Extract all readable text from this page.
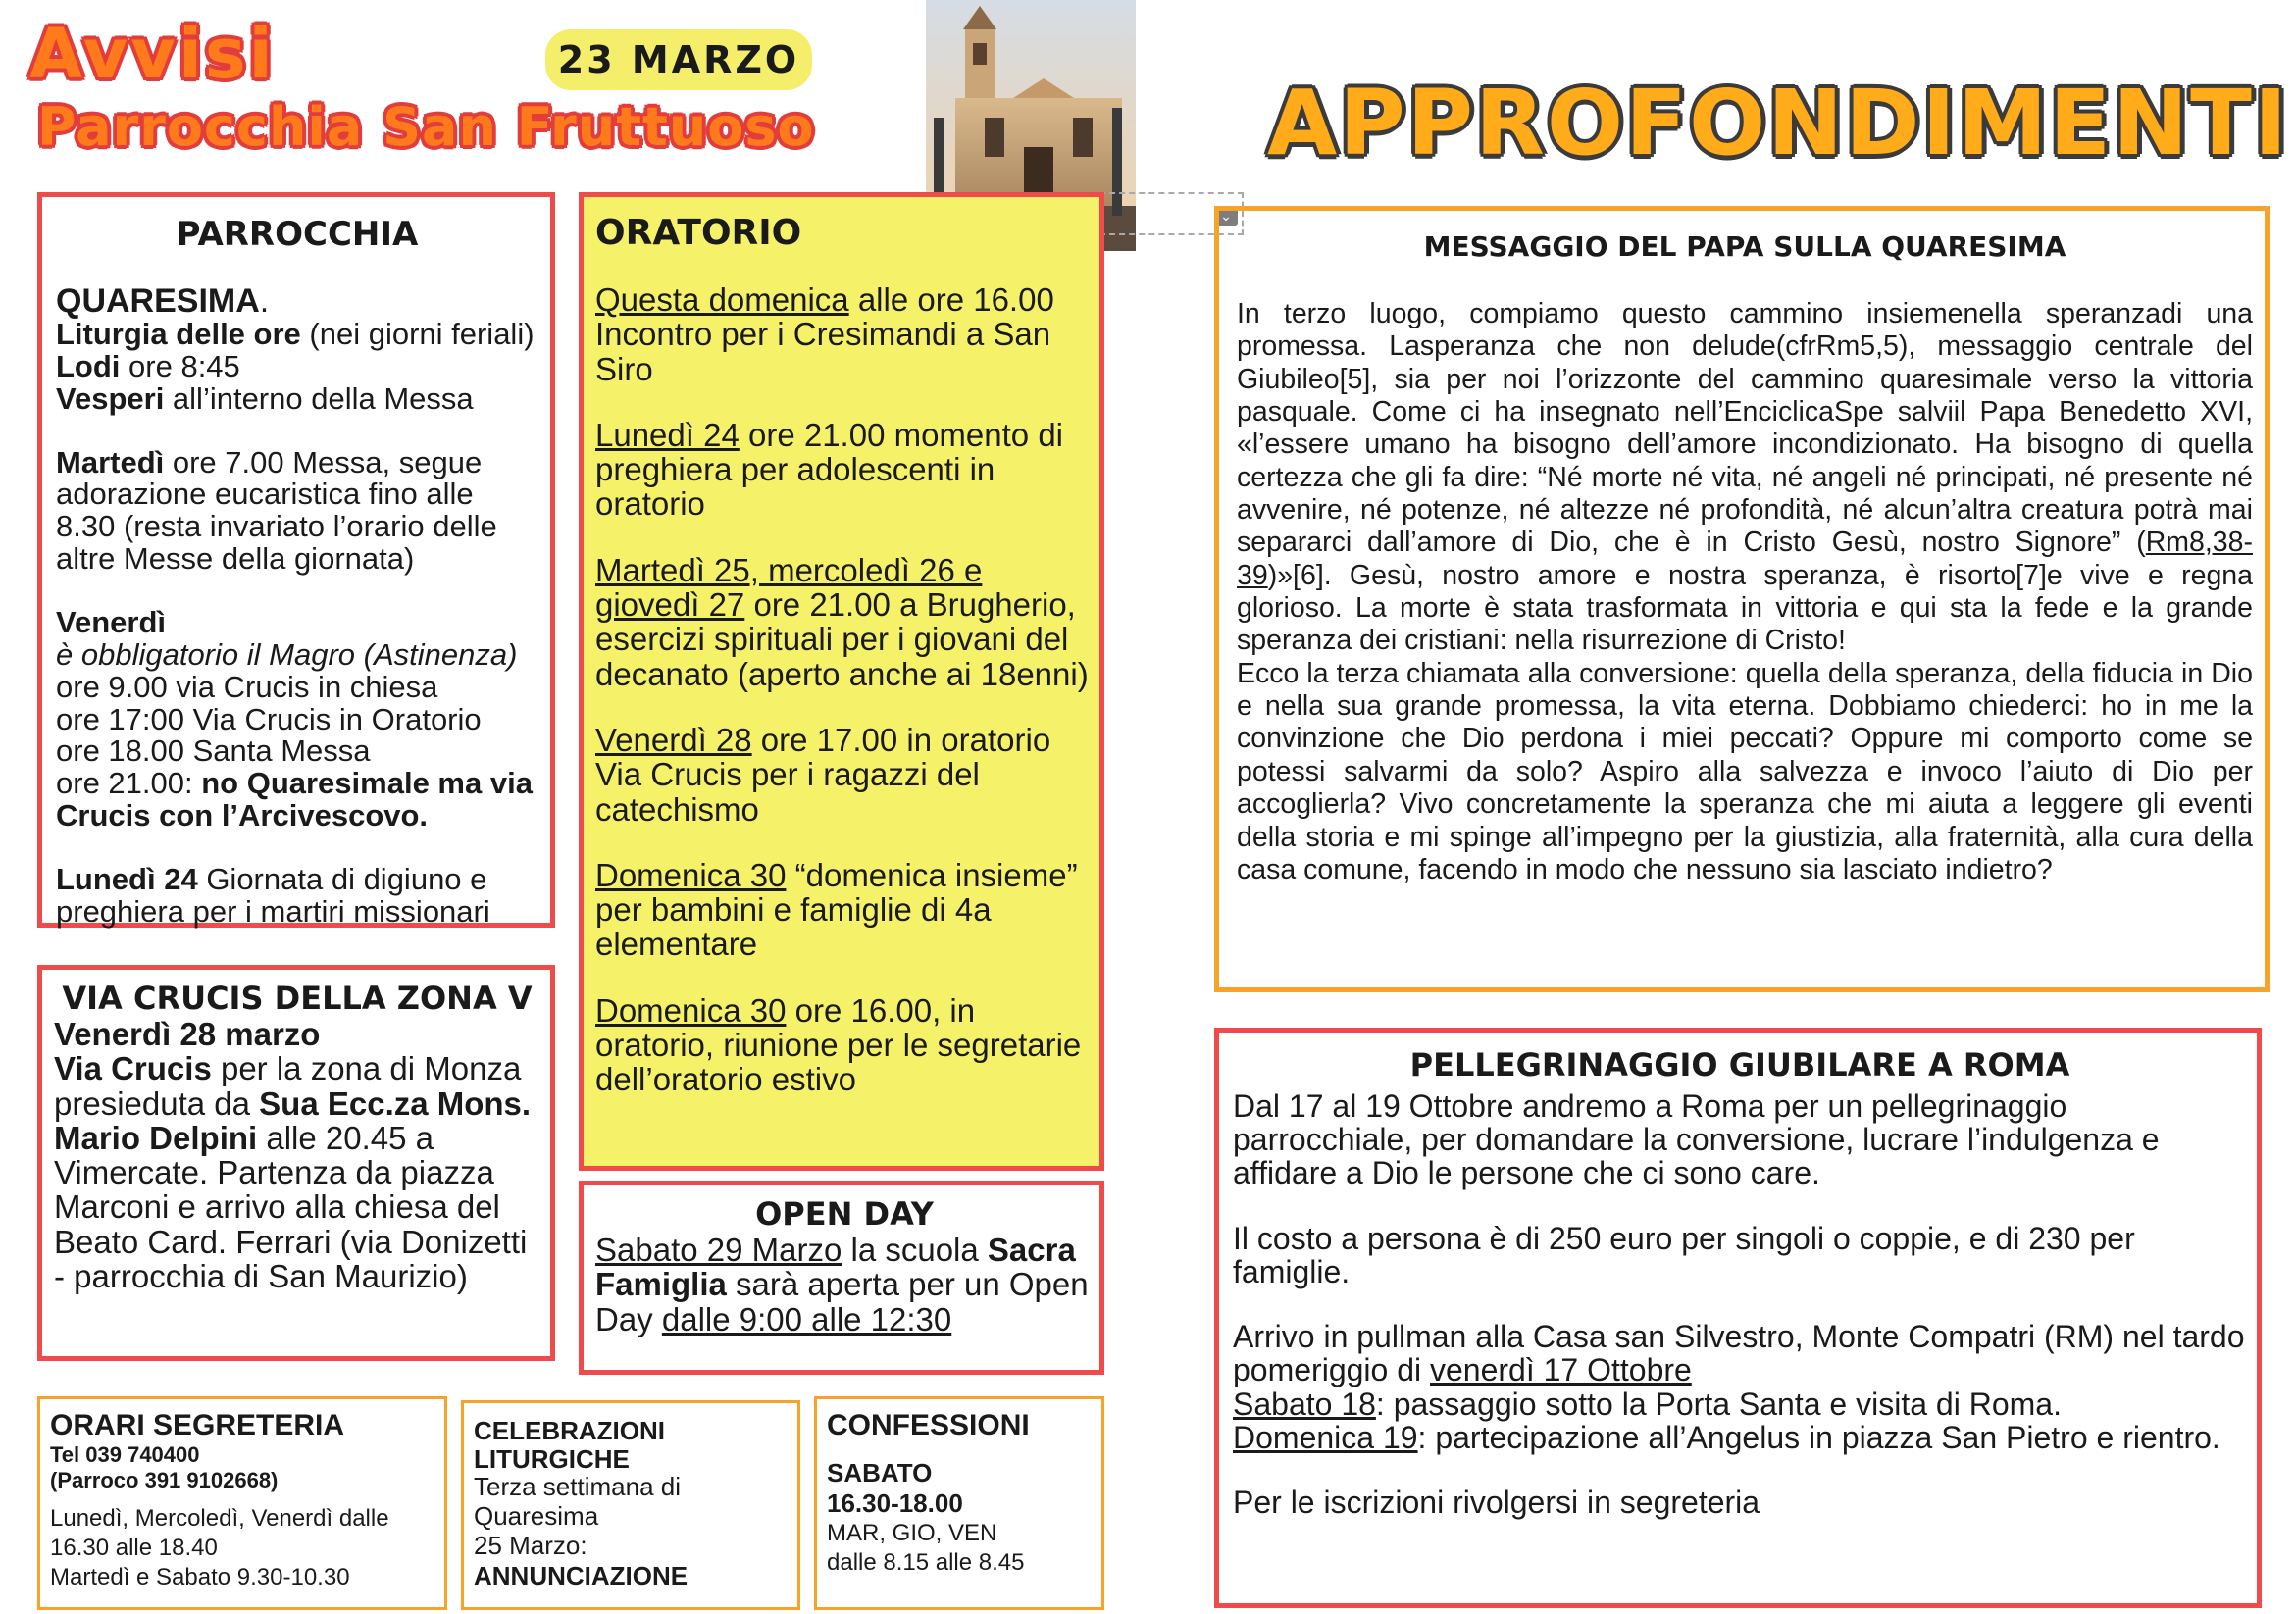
Avvisi
Parrocchia San Fruttuoso
23 MARZO
⌄
APPROFONDIMENTI
PARROCCHIA

QUARESIMA.
Liturgia delle ore (nei giorni feriali)
Lodi ore 8:45
Vesperi all’interno della Messa

Martedì ore 7.00 Messa, segue adorazione eucaristica fino alle 8.30 (resta invariato l’orario delle altre Messe della giornata)

Venerdì
è obbligatorio il Magro (Astinenza)
ore 9.00 via Crucis in chiesa
ore 17:00 Via Crucis in Oratorio
ore 18.00 Santa Messa
ore 21.00: no Quaresimale ma via Crucis con l’Arcivescovo.

Lunedì 24 Giornata di digiuno e preghiera per i martiri missionari

VIA CRUCIS DELLA ZONA V
Venerdì 28 marzo
Via Crucis per la zona di Monza presieduta da Sua Ecc.za Mons. Mario Delpini alle 20.45 a Vimercate. Partenza da piazza Marconi e arrivo alla chiesa del Beato Card. Ferrari (via Donizetti - parrocchia di San Maurizio)
ORATORIO

Questa domenica alle ore 16.00 Incontro per i Cresimandi a San Siro

Lunedì 24 ore 21.00 momento di preghiera per adolescenti in oratorio

Martedì 25, mercoledì 26 e giovedì 27 ore 21.00 a Brugherio, esercizi spirituali per i giovani del decanato (aperto anche ai 18enni)

Venerdì 28 ore 17.00 in oratorio Via Crucis per i ragazzi del catechismo

Domenica 30 “domenica insieme” per bambini e famiglie di 4a elementare

Domenica 30 ore 16.00, in oratorio, riunione per le segretarie dell’oratorio estivo

OPEN DAY
Sabato 29 Marzo la scuola Sacra Famiglia sarà aperta per un Open Day dalle 9:00 alle 12:30
ORARI SEGRETERIA
Tel 039 740400
(Parroco 391 9102668)
Lunedì, Mercoledì, Venerdì dalle 16.30 alle 18.40
Martedì e Sabato 9.30-10.30
CELEBRAZIONI LITURGICHE
Terza settimana di Quaresima
25 Marzo:
ANNUNCIAZIONE
CONFESSIONI
SABATO
16.30-18.00
MAR, GIO, VEN
dalle 8.15 alle 8.45
MESSAGGIO DEL PAPA SULLA QUARESIMA
In terzo luogo, compiamo questo cammino insiemenella speranzadi una promessa. Lasperanza che non delude(cfrRm5,5), messaggio centrale del Giubileo[5], sia per noi l’orizzonte del cammino quaresimale verso la vittoria pasquale. Come ci ha insegnato nell’EnciclicaSpe salviil Papa Benedetto XVI, «l’essere umano ha bisogno dell’amore incondizionato. Ha bisogno di quella certezza che gli fa dire: “Né morte né vita, né angeli né principati, né presente né avvenire, né potenze, né altezze né profondità, né alcun’altra creatura potrà mai separarci dall’amore di Dio, che è in Cristo Gesù, nostro Signore” (Rm8,38-39)»[6]. Gesù, nostro amore e nostra speranza, è risorto[7]e vive e regna glorioso. La morte è stata trasformata in vittoria e qui sta la fede e la grande speranza dei cristiani: nella risurrezione di Cristo!
Ecco la terza chiamata alla conversione: quella della speranza, della fiducia in Dio e nella sua grande promessa, la vita eterna. Dobbiamo chiederci: ho in me la convinzione che Dio perdona i miei peccati? Oppure mi comporto come se potessi salvarmi da solo? Aspiro alla salvezza e invoco l’aiuto di Dio per accoglierla? Vivo concretamente la speranza che mi aiuta a leggere gli eventi della storia e mi spinge all’impegno per la giustizia, alla fraternità, alla cura della casa comune, facendo in modo che nessuno sia lasciato indietro?
PELLEGRINAGGIO GIUBILARE A ROMA

Dal 17 al 19 Ottobre andremo a Roma per un pellegrinaggio parrocchiale, per domandare la conversione, lucrare l’indulgenza e affidare a Dio le persone che ci sono care.

Il costo a persona è di 250 euro per singoli o coppie, e di 230 per famiglie.

Arrivo in pullman alla Casa san Silvestro, Monte Compatri (RM) nel tardo pomeriggio di venerdì 17 Ottobre
Sabato 18: passaggio sotto la Porta Santa e visita di Roma.
Domenica 19: partecipazione all’Angelus in piazza San Pietro e rientro.

Per le iscrizioni rivolgersi in segreteria
